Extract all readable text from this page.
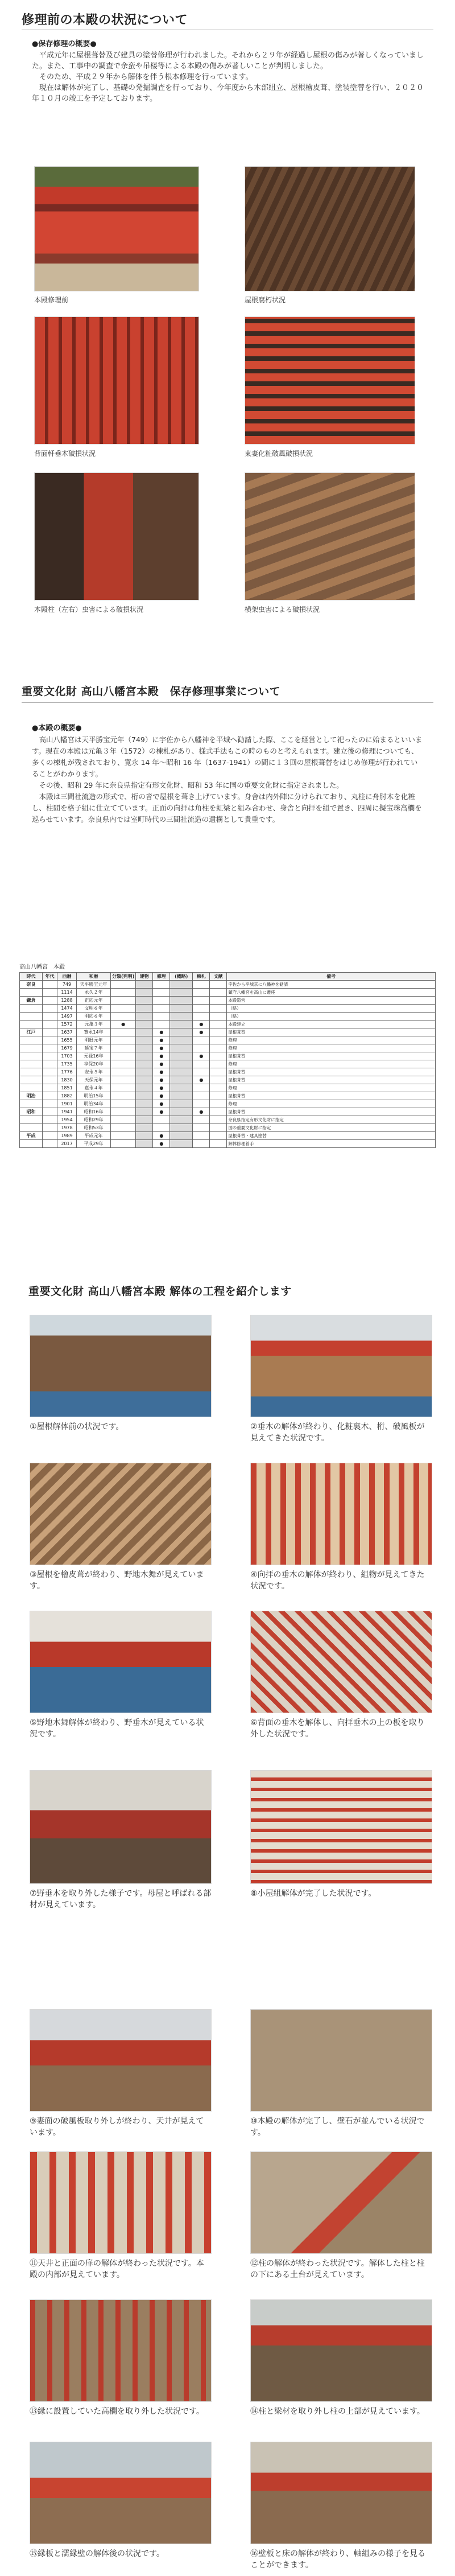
修理前の本殿の状況について
●保存修理の概要●

平成元年に屋根葺替及び建具の塗替修理が行われました。それから２９年が経過し屋根の傷みが著しくなっていました。また、工事中の調査で余蛮や吊楼等による本殿の傷みが著しいことが判明しました。

そのため、平成２９年から解体を伴う根本修理を行っています。

現在は解体が完了し、基礎の発掘調査を行っており、今年度から木部組立、屋根檜皮葺、塗装塗替を行い、２０２０年１０月の竣工を予定しております。

本殿修理前	屋根腐朽状況
背面軒垂木破損状況	東妻化粧破風破損状況
本殿柱（左右）虫害による破損状況	横架虫害による破損状況
重要文化財 高山八幡宮本殿　保存修理事業について
●本殿の概要●

高山八幡宮は天平勝宝元年（749）に宇佐から八幡神を平城へ勧請した際、ここを経営として祀ったのに始まるといいます。現在の本殿は元亀３年（1572）の棟札があり、様式手法もこの時のものと考えられます。建立後の修理についても、多くの棟札が残されており、寛永 14 年～昭和 16 年（1637-1941）の間に１３回の屋根葺替をはじめ修理が行われていることがわかります。

その後、昭和 29 年に奈良県指定有形文化財、昭和 53 年に国の重要文化財に指定されました。

本殿は三間社流造の形式で、桁の音で屋根を葺き上げています。身舎は内外陣に分けられており、丸柱に舟肘木を化粧し、柱間を格子組に仕立てています。正面の向拝は角柱を虹梁と組み合わせ、身舎と向拝を組で置き、四周に擬宝珠高欄を巡らせています。奈良県内では室町時代の三間社流造の遺構として貴重です。

高山八幡宮　本殿
時代	年代	西暦	和暦	分類(判明)	建物	修理	(概略)	棟札	文献	備考
奈良		749	天平勝宝元年							宇佐から平城京に八幡神を勧請
		1114	永久２年							鎮守八幡宮を高山に遷座
鎌倉		1288	正応元年							本殿造営
		1474	文明６年							（略）
		1497	明応６年							（略）
		1572	元亀３年	●				●		本殿建立
江戸		1637	寛永14年			●		●		屋根葺替
		1655	明暦元年			●				修理
		1679	延宝７年			●				修理
		1703	元禄16年			●		●		屋根葺替
		1735	享保20年			●				修理
		1776	安永５年			●				屋根葺替
		1830	天保元年			●		●		屋根葺替
		1851	嘉永４年			●				修理
明治		1882	明治15年			●				屋根葺替
		1901	明治34年			●				修理
昭和		1941	昭和16年			●		●		屋根葺替
		1954	昭和29年							奈良県指定有形文化財に指定
		1978	昭和53年							国の重要文化財に指定
平成		1989	平成元年			●				屋根葺替・建具塗替
		2017	平成29年			●				解体修理着手
重要文化財 高山八幡宮本殿 解体の工程を紹介します
①屋根解体前の状況です。	②垂木の解体が終わり、化粧裏木、桁、破風板が見えてきた状況です。
③屋根を檜皮葺が終わり、野地木舞が見えています。
④向拝の垂木の解体が終わり、組物が見えてきた状況です。
⑤野地木舞解体が終わり、野垂木が見えている状況です。
⑥背面の垂木を解体し、向拝垂木の上の板を取り外した状況です。
⑦野垂木を取り外した様子です。母屋と呼ばれる部材が見えています。
⑧小屋組解体が完了した状況です。
⑨妻面の破風板取り外しが終わり、天井が見えています。
⑩本殿の解体が完了し、壁石が並んでいる状況です。
⑪天井と正面の扉の解体が終わった状況です。本殿の内部が見えています。
⑫柱の解体が終わった状況です。解体した柱と柱の下にある土台が見えています。
⑬縁に設置していた高欄を取り外した状況です。	⑭柱と梁材を取り外し柱の上部が見えています。
⑮縁板と濡縁壁の解体後の状況です。	⑯壁板と床の解体が終わり、軸組みの様子を見ることができます。
